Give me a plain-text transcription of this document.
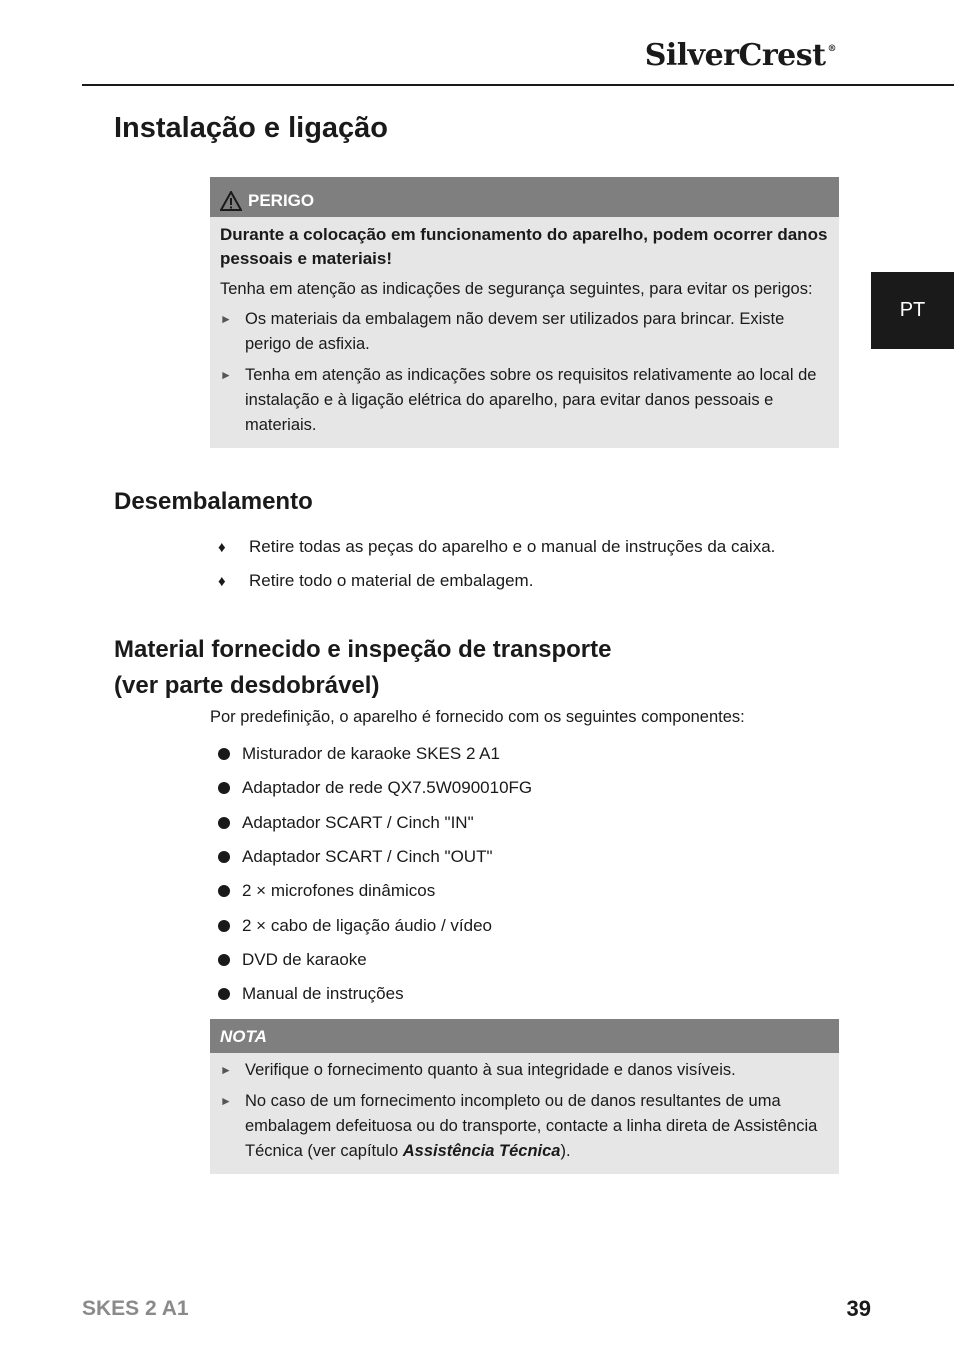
SilverCrest ®
PT
Instalação e ligação
PERIGO

Durante a colocação em funcionamento do aparelho, podem ocorrer danos pessoais e materiais!

Tenha em atenção as indicações de segurança seguintes, para evitar os perigos:

► Os materiais da embalagem não devem ser utilizados para brincar. Existe perigo de asfixia.
► Tenha em atenção as indicações sobre os requisitos relativamente ao local de instalação e à ligação elétrica do aparelho, para evitar danos pessoais e materiais.
Desembalamento
♦	Retire todas as peças do aparelho e o manual de instruções da caixa.
♦	Retire todo o material de embalagem.
Material fornecido e inspeção de transporte
(ver parte desdobrável)

Por predefinição, o aparelho é fornecido com os seguintes componentes:

Misturador de karaoke SKES 2 A1
Adaptador de rede QX7.5W090010FG
Adaptador SCART / Cinch "IN"
Adaptador SCART / Cinch "OUT"
2 × microfones dinâmicos
2 × cabo de ligação áudio / vídeo
DVD de karaoke
Manual de instruções
NOTA
► Verifique o fornecimento quanto à sua integridade e danos visíveis.
► No caso de um fornecimento incompleto ou de danos resultantes de uma embalagem defeituosa ou do transporte, contacte a linha direta de Assistência Técnica (ver capítulo Assistência Técnica).
SKES 2 A1	39
